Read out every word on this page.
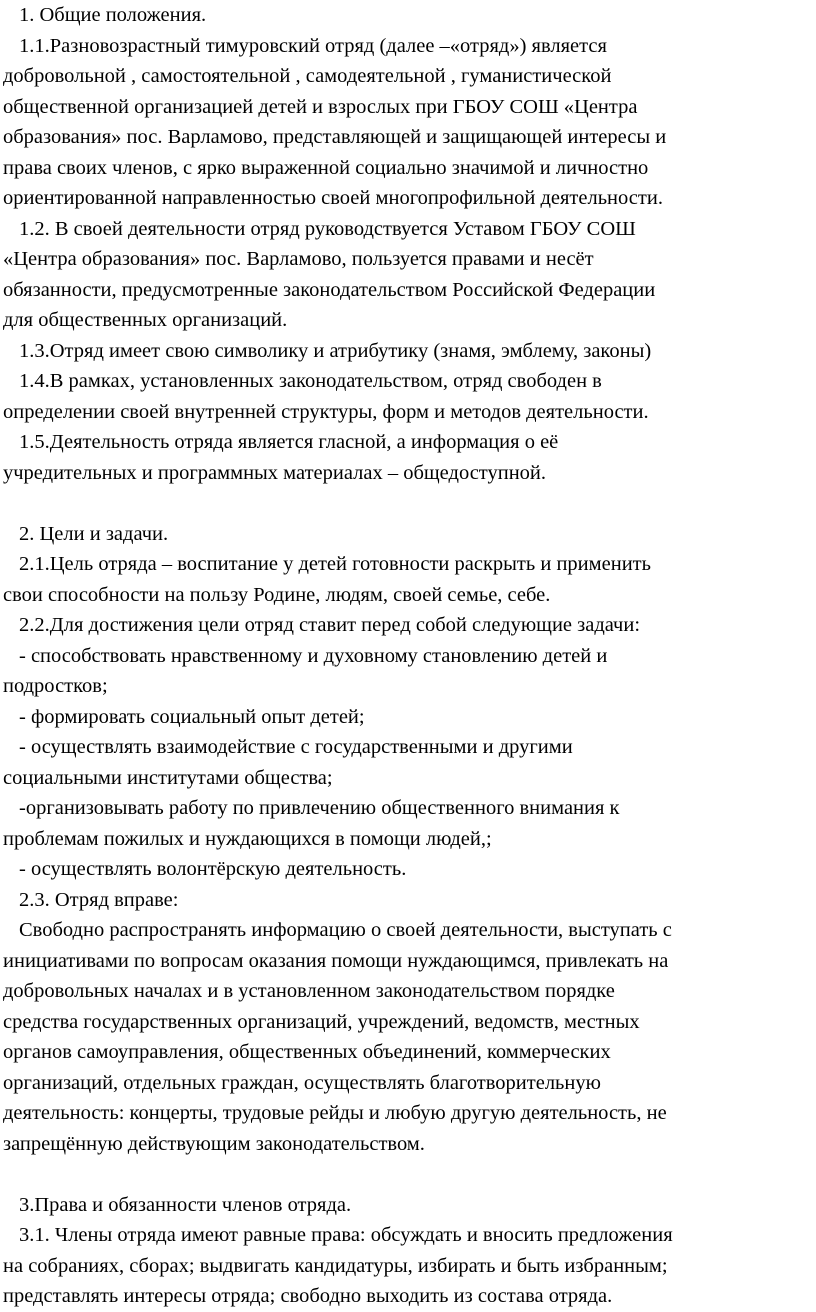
1. Общие положения.
1.1.Разновозрастный тимуровский отряд (далее –«отряд») является
добровольной , самостоятельной , самодеятельной , гуманистической
общественной организацией детей и взрослых при ГБОУ СОШ «Центра
образования» пос. Варламово, представляющей и защищающей интересы и
права своих членов, с ярко выраженной социально значимой и личностно
ориентированной направленностью своей многопрофильной деятельности.
1.2. В своей деятельности отряд руководствуется Уставом ГБОУ СОШ
«Центра образования» пос. Варламово, пользуется правами и несёт
обязанности, предусмотренные законодательством Российской Федерации
для общественных организаций.
1.3.Отряд имеет свою символику и атрибутику (знамя, эмблему, законы)
1.4.В рамках, установленных законодательством, отряд свободен в
определении своей внутренней структуры, форм и методов деятельности.
1.5.Деятельность отряда является гласной, а информация о её
учредительных и программных материалах – общедоступной.
2. Цели и задачи.
2.1.Цель отряда – воспитание у детей готовности раскрыть и применить
свои способности на пользу Родине, людям, своей семье, себе.
2.2.Для достижения цели отряд ставит перед собой следующие задачи:
- способствовать нравственному и духовному становлению детей и
подростков;
- формировать социальный опыт детей;
- осуществлять взаимодействие с государственными и другими
социальными институтами общества;
-организовывать работу по привлечению общественного внимания к
проблемам пожилых и нуждающихся в помощи людей,;
- осуществлять волонтёрскую деятельность.
2.3. Отряд вправе:
Свободно распространять информацию о своей деятельности, выступать с
инициативами по вопросам оказания помощи нуждающимся, привлекать на
добровольных началах и в установленном законодательством порядке
средства государственных организаций, учреждений, ведомств, местных
органов самоуправления, общественных объединений, коммерческих
организаций, отдельных граждан, осуществлять благотворительную
деятельность: концерты, трудовые рейды и любую другую деятельность, не
запрещённую действующим законодательством.
3.Права и обязанности членов отряда.
3.1. Члены отряда имеют равные права: обсуждать и вносить предложения
на собраниях, сборах; выдвигать кандидатуры, избирать и быть избранным;
представлять интересы отряда; свободно выходить из состава отряда.
